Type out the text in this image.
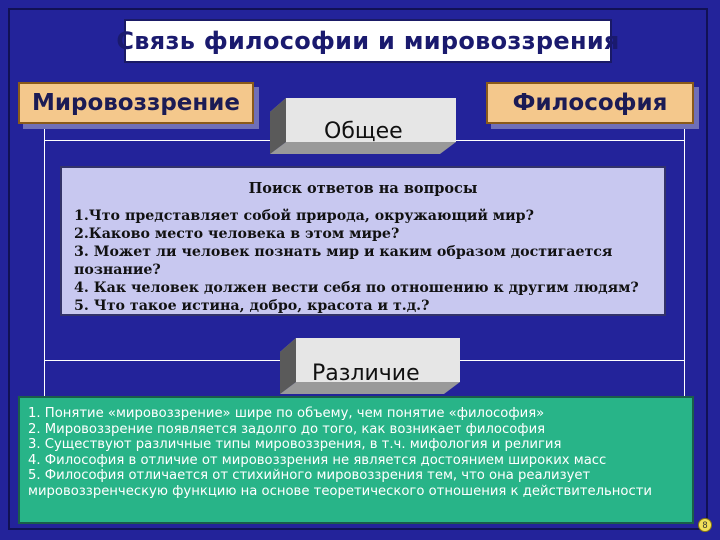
Связь философии и мировоззрения
Мировоззрение	Философия
Общее
Поиск ответов на вопросы
1.Что представляет собой природа, окружающий мир?
2.Каково место человека в этом мире?
3. Может ли человек познать мир и каким образом достигается познание?
4. Как человек должен вести себя по отношению к другим людям?
5. Что такое истина, добро, красота и т.д.?
Различие
1. Понятие «мировоззрение» шире по объему, чем понятие «философия»
2. Мировоззрение появляется задолго до того, как возникает философия
3. Существуют различные типы мировоззрения, в т.ч. мифология и религия
4. Философия в отличие от мировоззрения не является достоянием широких масс
5. Философия отличается от стихийного мировоззрения тем, что она реализует мировоззренческую функцию на основе теоретического отношения к действительности
8
